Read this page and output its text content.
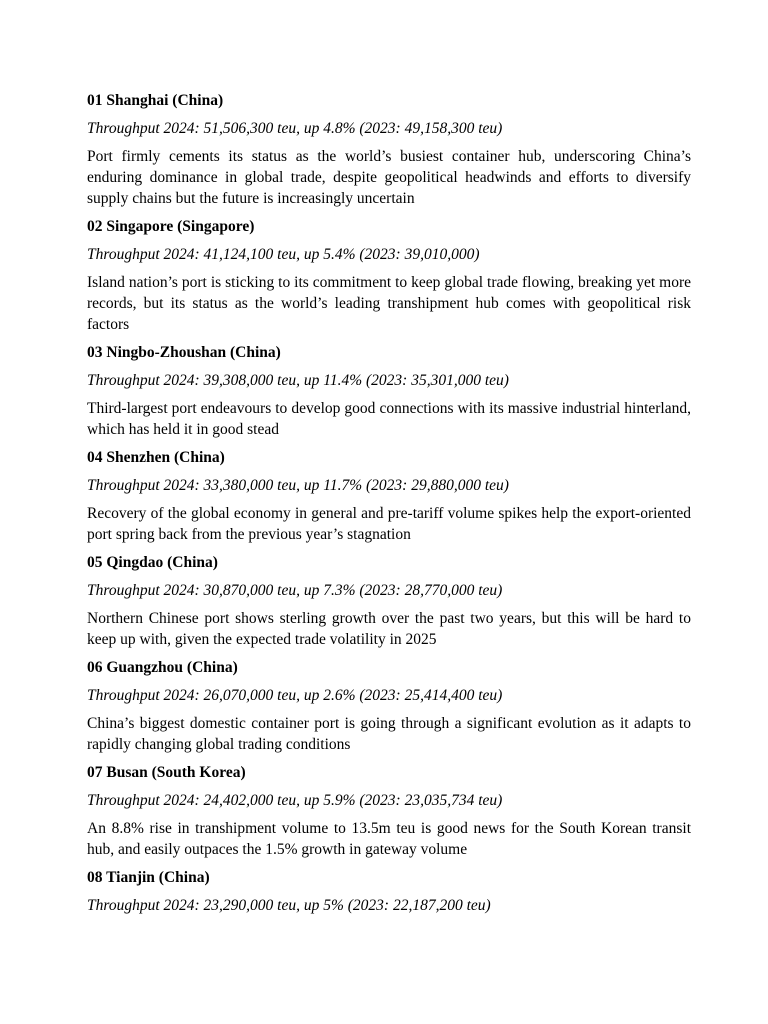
01 Shanghai (China)

Throughput 2024: 51,506,300 teu, up 4.8% (2023: 49,158,300 teu)

Port firmly cements its status as the world’s busiest container hub, underscoring China’s enduring dominance in global trade, despite geopolitical headwinds and efforts to diversify supply chains but the future is increasingly uncertain

02 Singapore (Singapore)

Throughput 2024: 41,124,100 teu, up 5.4% (2023: 39,010,000)

Island nation’s port is sticking to its commitment to keep global trade flowing, breaking yet more records, but its status as the world’s leading transhipment hub comes with geopolitical risk factors

03 Ningbo-Zhoushan (China)

Throughput 2024: 39,308,000 teu, up 11.4% (2023: 35,301,000 teu)

Third-largest port endeavours to develop good connections with its massive industrial hinterland, which has held it in good stead

04 Shenzhen (China)

Throughput 2024: 33,380,000 teu, up 11.7% (2023: 29,880,000 teu)

Recovery of the global economy in general and pre-tariff volume spikes help the export-oriented port spring back from the previous year’s stagnation

05 Qingdao (China)

Throughput 2024: 30,870,000 teu, up 7.3% (2023: 28,770,000 teu)

Northern Chinese port shows sterling growth over the past two years, but this will be hard to keep up with, given the expected trade volatility in 2025

06 Guangzhou (China)

Throughput 2024: 26,070,000 teu, up 2.6% (2023: 25,414,400 teu)

China’s biggest domestic container port is going through a significant evolution as it adapts to rapidly changing global trading conditions

07 Busan (South Korea)

Throughput 2024: 24,402,000 teu, up 5.9% (2023: 23,035,734 teu)

An 8.8% rise in transhipment volume to 13.5m teu is good news for the South Korean transit hub, and easily outpaces the 1.5% growth in gateway volume

08 Tianjin (China)

Throughput 2024: 23,290,000 teu, up 5% (2023: 22,187,200 teu)
